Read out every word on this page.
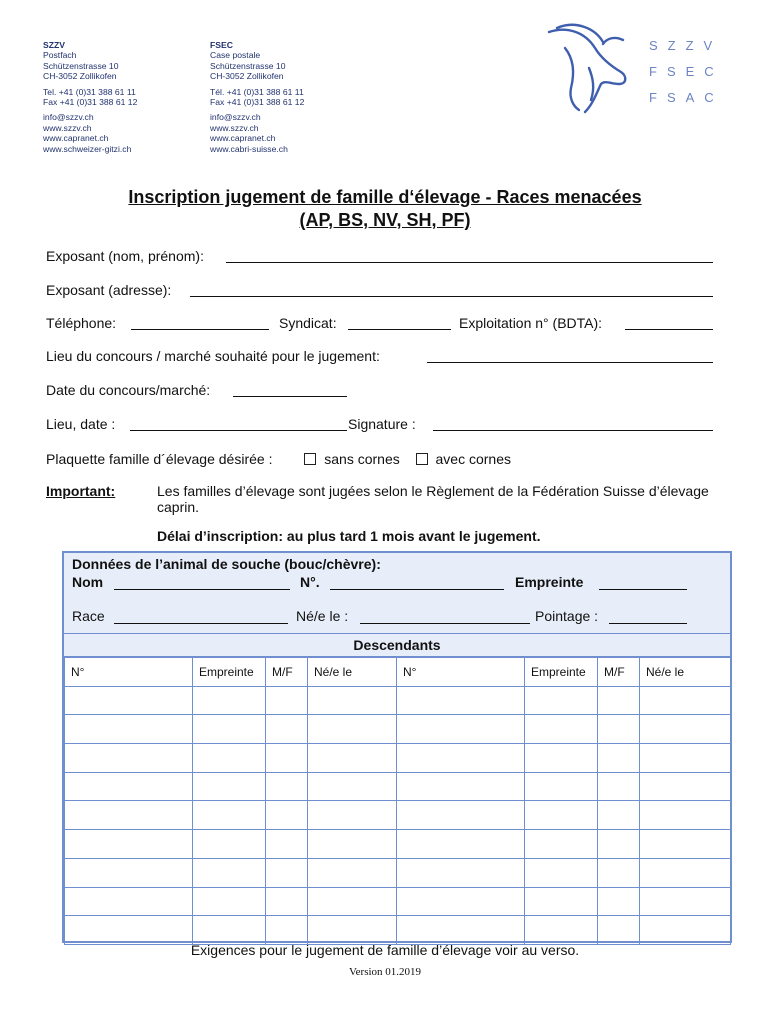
SZZV
Postfach
Schützenstrasse 10
CH-3052 Zollikofen
Tel. +41 (0)31 388 61 11
Fax +41 (0)31 388 61 12
info@szzv.ch
www.szzv.ch
www.capranet.ch
www.schweizer-gitzi.ch
FSEC
Case postale
Schützenstrasse 10
CH-3052 Zollikofen
Tél. +41 (0)31 388 61 11
Fax +41 (0)31 388 61 12
info@szzv.ch
www.szzv.ch
www.capranet.ch
www.cabri-suisse.ch
SZZV
FSEC
FSAC
Inscription jugement de famille d‘élevage - Races menacées
(AP, BS, NV, SH, PF)
Exposant (nom, prénom):
Exposant (adresse):
Téléphone:	Syndicat:	Exploitation n° (BDTA):
Lieu du concours / marché souhaité pour le jugement:
Date du concours/marché:
Lieu, date :	Signature :
Plaquette famille d´élevage désirée :	sans cornes	avec cornes
Important:	Les familles d’élevage sont jugées selon le Règlement de la Fédération Suisse d’élevage caprin.
Délai d’inscription: au plus tard 1 mois avant le jugement.
Données de l’animal de souche (bouc/chèvre):
Nom	N°.	Empreinte
Race	Né/e le :	Pointage :
Descendants
N°	Empreinte	M/F	Né/e le	N°	Empreinte	M/F	Né/e le

Exigences pour le jugement de famille d’élevage voir au verso.
Version 01.2019
